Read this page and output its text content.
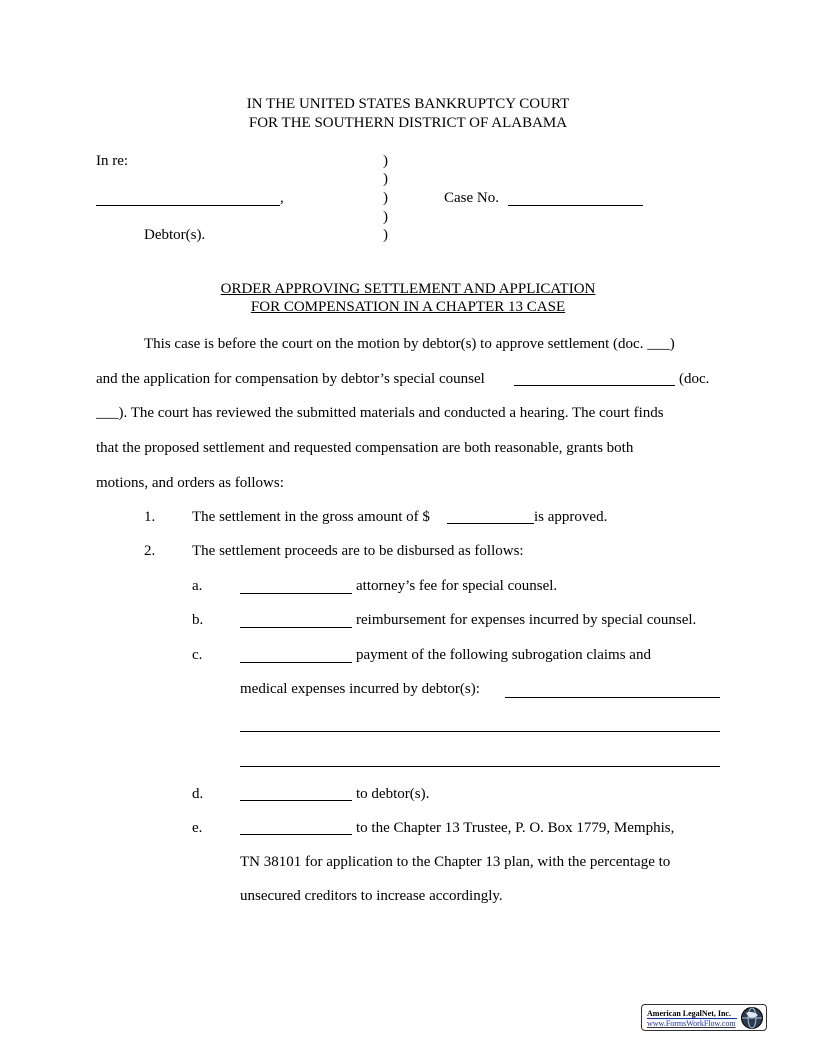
IN THE UNITED STATES BANKRUPTCY COURT
FOR THE SOUTHERN DISTRICT OF ALABAMA
In re:
,
Debtor(s).
)
)
)
)
)
Case No.
ORDER APPROVING SETTLEMENT AND APPLICATION
FOR COMPENSATION IN A CHAPTER 13 CASE
This case is before the court on the motion by debtor(s) to approve settlement (doc. ___)
and the application for compensation by debtor’s special counsel	(doc.
___). The court has reviewed the submitted materials and conducted a hearing. The court finds
that the proposed settlement and requested compensation are both reasonable, grants both
motions, and orders as follows:
1. The settlement in the gross amount of $	is approved.
2. The settlement proceeds are to be disbursed as follows:
a.	attorney’s fee for special counsel.
b.	reimbursement for expenses incurred by special counsel.
c.	payment of the following subrogation claims and
medical expenses incurred by debtor(s):
d.	to debtor(s).
e.	to the Chapter 13 Trustee, P. O. Box 1779, Memphis,
TN 38101 for application to the Chapter 13 plan, with the percentage to
unsecured creditors to increase accordingly.
American LegalNet, Inc.
www.FormsWorkFlow.com
